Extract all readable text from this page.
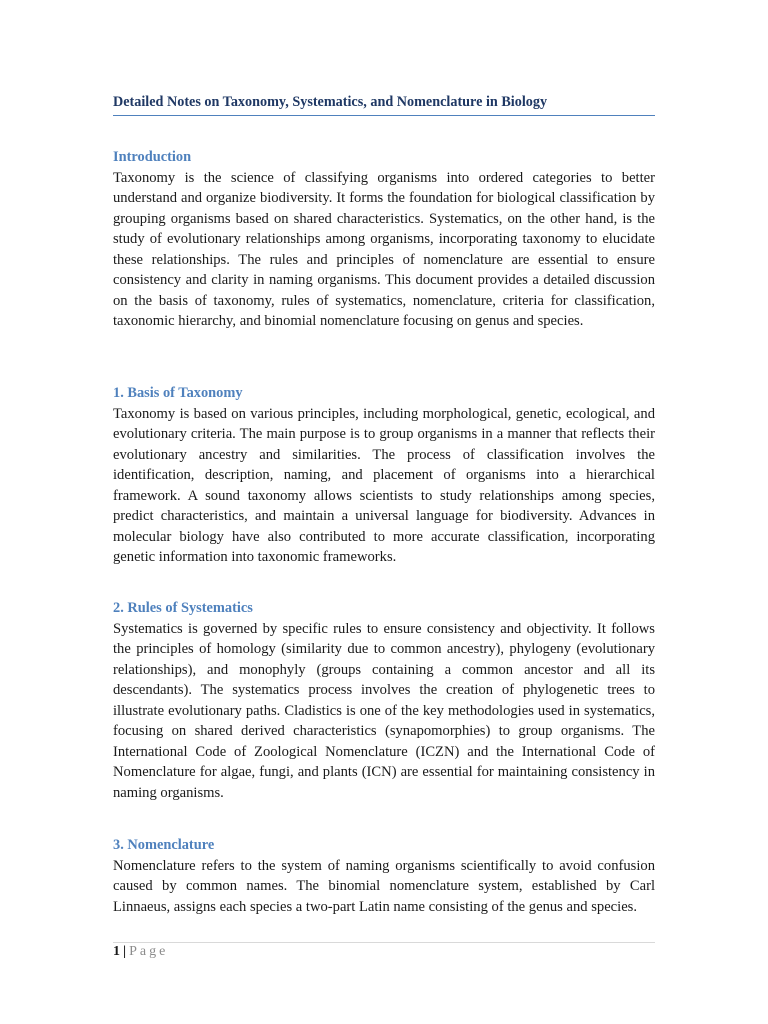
Detailed Notes on Taxonomy, Systematics, and Nomenclature in Biology
Introduction

Taxonomy is the science of classifying organisms into ordered categories to better understand and organize biodiversity. It forms the foundation for biological classification by grouping organisms based on shared characteristics. Systematics, on the other hand, is the study of evolutionary relationships among organisms, incorporating taxonomy to elucidate these relationships. The rules and principles of nomenclature are essential to ensure consistency and clarity in naming organisms. This document provides a detailed discussion on the basis of taxonomy, rules of systematics, nomenclature, criteria for classification, taxonomic hierarchy, and binomial nomenclature focusing on genus and species.

1. Basis of Taxonomy

Taxonomy is based on various principles, including morphological, genetic, ecological, and evolutionary criteria. The main purpose is to group organisms in a manner that reflects their evolutionary ancestry and similarities. The process of classification involves the identification, description, naming, and placement of organisms into a hierarchical framework. A sound taxonomy allows scientists to study relationships among species, predict characteristics, and maintain a universal language for biodiversity. Advances in molecular biology have also contributed to more accurate classification, incorporating genetic information into taxonomic frameworks.

2. Rules of Systematics

Systematics is governed by specific rules to ensure consistency and objectivity. It follows the principles of homology (similarity due to common ancestry), phylogeny (evolutionary relationships), and monophyly (groups containing a common ancestor and all its descendants). The systematics process involves the creation of phylogenetic trees to illustrate evolutionary paths. Cladistics is one of the key methodologies used in systematics, focusing on shared derived characteristics (synapomorphies) to group organisms. The International Code of Zoological Nomenclature (ICZN) and the International Code of Nomenclature for algae, fungi, and plants (ICN) are essential for maintaining consistency in naming organisms.

3. Nomenclature

Nomenclature refers to the system of naming organisms scientifically to avoid confusion caused by common names. The binomial nomenclature system, established by Carl Linnaeus, assigns each species a two-part Latin name consisting of the genus and species.

1 | Page
